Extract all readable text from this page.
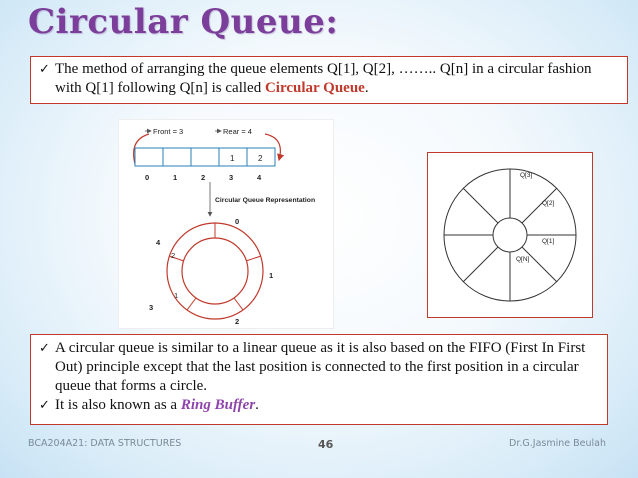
Circular Queue:
✓ The method of arranging the queue elements Q[1], Q[2], …….. Q[n] in a circular fashion with Q[1] following Q[n] is called Circular Queue.
Front = 3	Rear = 4
1	2
0	1	2	3	4
Circular Queue Representation
0
1
2
3
4
1
2
Q[3]
Q[2]
Q[1]
Q[N]
✓ A circular queue is similar to a linear queue as it is also based on the FIFO (First In First Out) principle except that the last position is connected to the first position in a circular queue that forms a circle.
✓ It is also known as a Ring Buffer.
BCA204A21: DATA STRUCTURES	46	Dr.G.Jasmine Beulah
